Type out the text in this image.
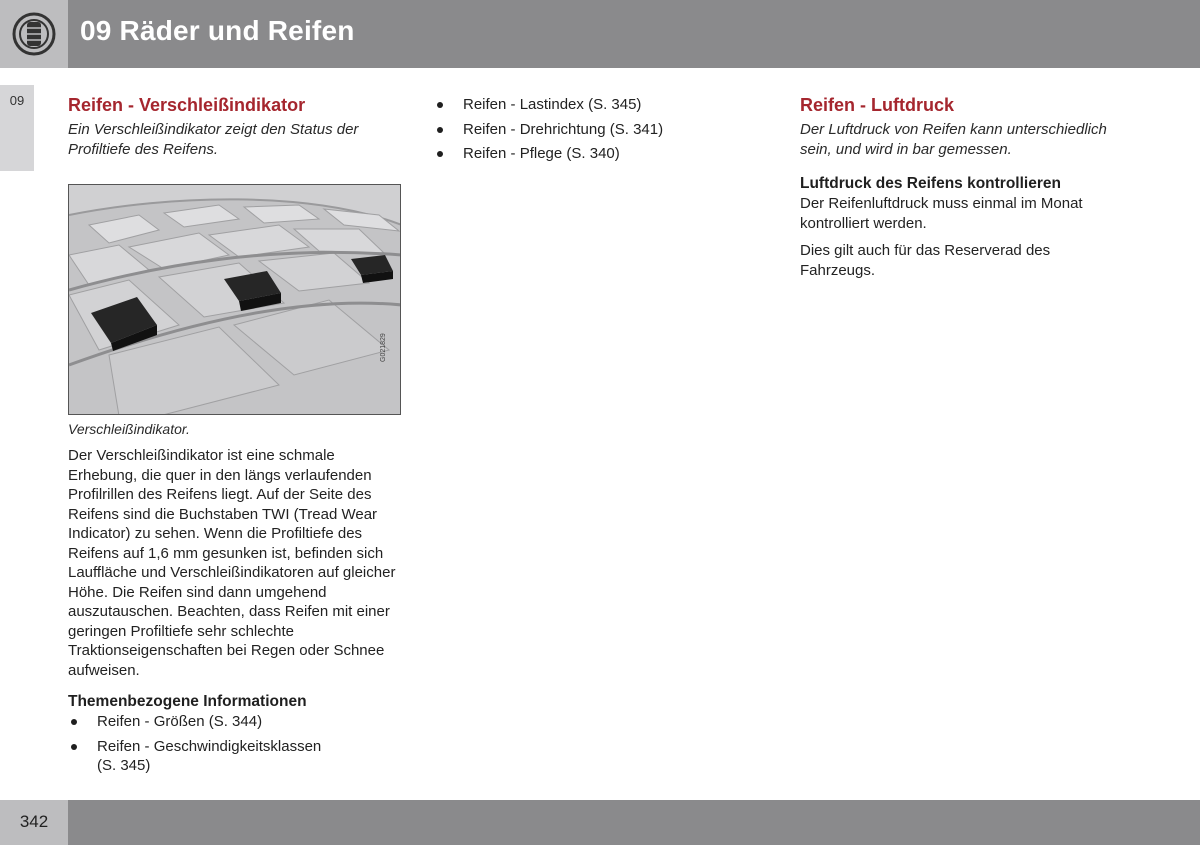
09 Räder und Reifen
09	Reifen - Verschleißindikator

Ein Verschleißindikator zeigt den Status der Profiltiefe des Reifens.

Verschleißindikator.

Der Verschleißindikator ist eine schmale Erhebung, die quer in den längs verlaufenden Profilrillen des Reifens liegt. Auf der Seite des Reifens sind die Buchstaben TWI (Tread Wear Indicator) zu sehen. Wenn die Profiltiefe des Reifens auf 1,6 mm gesunken ist, befinden sich Lauffläche und Verschleißindikatoren auf gleicher Höhe. Die Reifen sind dann umgehend auszutauschen. Beachten, dass Reifen mit einer geringen Profiltiefe sehr schlechte Traktionseigenschaften bei Regen oder Schnee aufweisen.

Themenbezogene Informationen
Reifen - Größen (S. 344)
Reifen - Geschwindigkeitsklassen (S. 345)
G021829
Reifen - Lastindex (S. 345)
Reifen - Drehrichtung (S. 341)
Reifen - Pflege (S. 340)
Reifen - Luftdruck

Der Luftdruck von Reifen kann unterschiedlich sein, und wird in bar gemessen.

Luftdruck des Reifens kontrollieren

Der Reifenluftdruck muss einmal im Monat kontrolliert werden.

Dies gilt auch für das Reserverad des Fahrzeugs.

342
